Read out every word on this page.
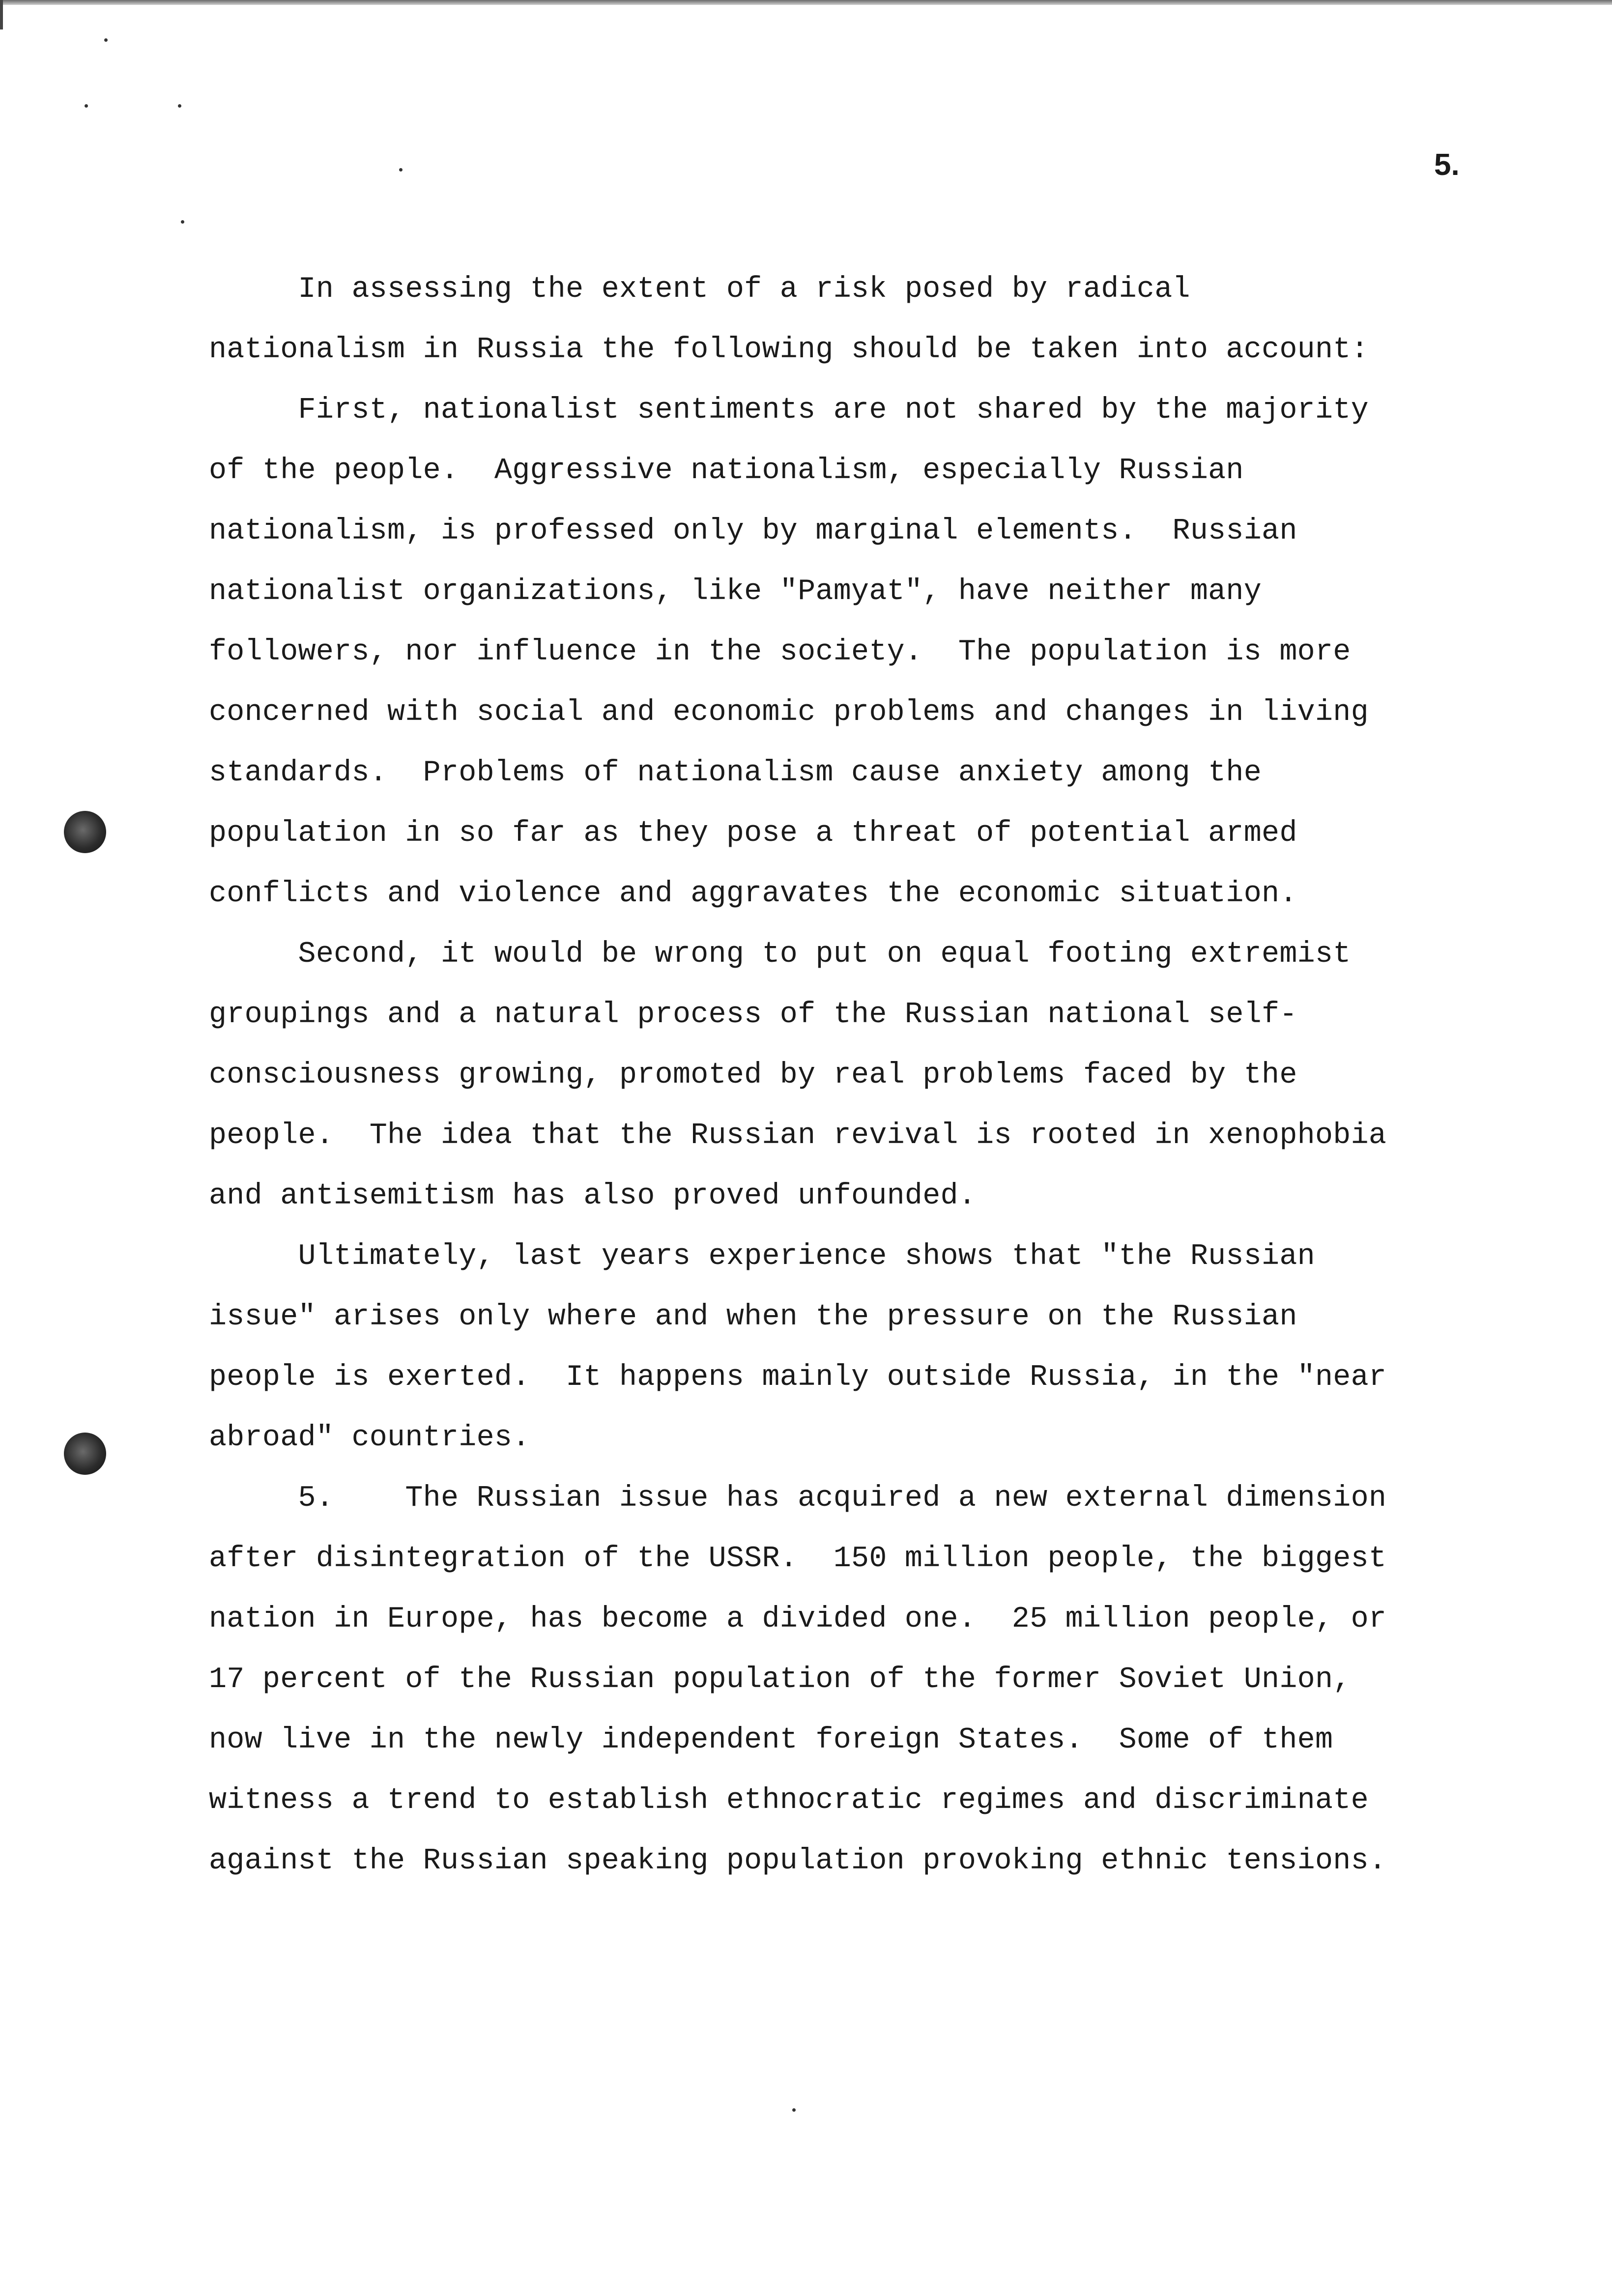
5.
In assessing the extent of a risk posed by radical
nationalism in Russia the following should be taken into account:
First, nationalist sentiments are not shared by the majority
of the people.  Aggressive nationalism, especially Russian
nationalism, is professed only by marginal elements.  Russian
nationalist organizations, like "Pamyat", have neither many
followers, nor influence in the society.  The population is more
concerned with social and economic problems and changes in living
standards.  Problems of nationalism cause anxiety among the
population in so far as they pose a threat of potential armed
conflicts and violence and aggravates the economic situation.
Second, it would be wrong to put on equal footing extremist
groupings and a natural process of the Russian national self-
consciousness growing, promoted by real problems faced by the
people.  The idea that the Russian revival is rooted in xenophobia
and antisemitism has also proved unfounded.
Ultimately, last years experience shows that "the Russian
issue" arises only where and when the pressure on the Russian
people is exerted.  It happens mainly outside Russia, in the "near
abroad" countries.
5.    The Russian issue has acquired a new external dimension
after disintegration of the USSR.  150 million people, the biggest
nation in Europe, has become a divided one.  25 million people, or
17 percent of the Russian population of the former Soviet Union,
now live in the newly independent foreign States.  Some of them
witness a trend to establish ethnocratic regimes and discriminate
against the Russian speaking population provoking ethnic tensions.
